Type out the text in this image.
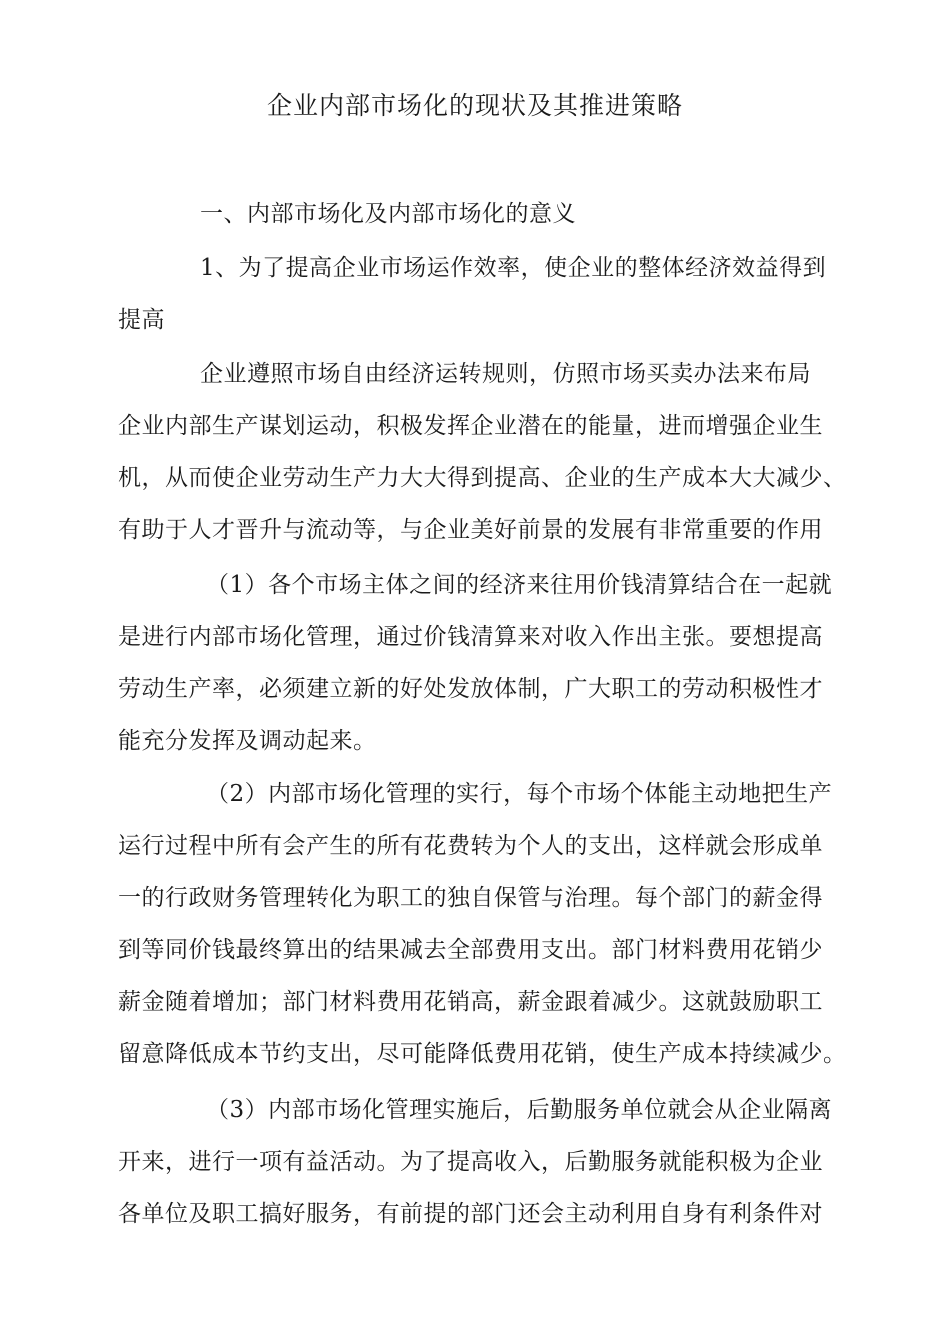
企业内部市场化的现状及其推进策略
一、内部市场化及内部市场化的意义
1、为了提高企业市场运作效率，使企业的整体经济效益得到
提高
企业遵照市场自由经济运转规则，仿照市场买卖办法来布局
企业内部生产谋划运动，积极发挥企业潜在的能量，进而增强企业生
机，从而使企业劳动生产力大大得到提高、企业的生产成本大大减少、
有助于人才晋升与流动等，与企业美好前景的发展有非常重要的作用
（1）各个市场主体之间的经济来往用价钱清算结合在一起就
是进行内部市场化管理，通过价钱清算来对收入作出主张。要想提高
劳动生产率，必须建立新的好处发放体制，广大职工的劳动积极性才
能充分发挥及调动起来。
（2）内部市场化管理的实行，每个市场个体能主动地把生产
运行过程中所有会产生的所有花费转为个人的支出，这样就会形成单
一的行政财务管理转化为职工的独自保管与治理。每个部门的薪金得
到等同价钱最终算出的结果减去全部费用支出。部门材料费用花销少
薪金随着增加；部门材料费用花销高，薪金跟着减少。这就鼓励职工
留意降低成本节约支出，尽可能降低费用花销，使生产成本持续减少。
（3）内部市场化管理实施后，后勤服务单位就会从企业隔离
开来，进行一项有益活动。为了提高收入，后勤服务就能积极为企业
各单位及职工搞好服务，有前提的部门还会主动利用自身有利条件对
